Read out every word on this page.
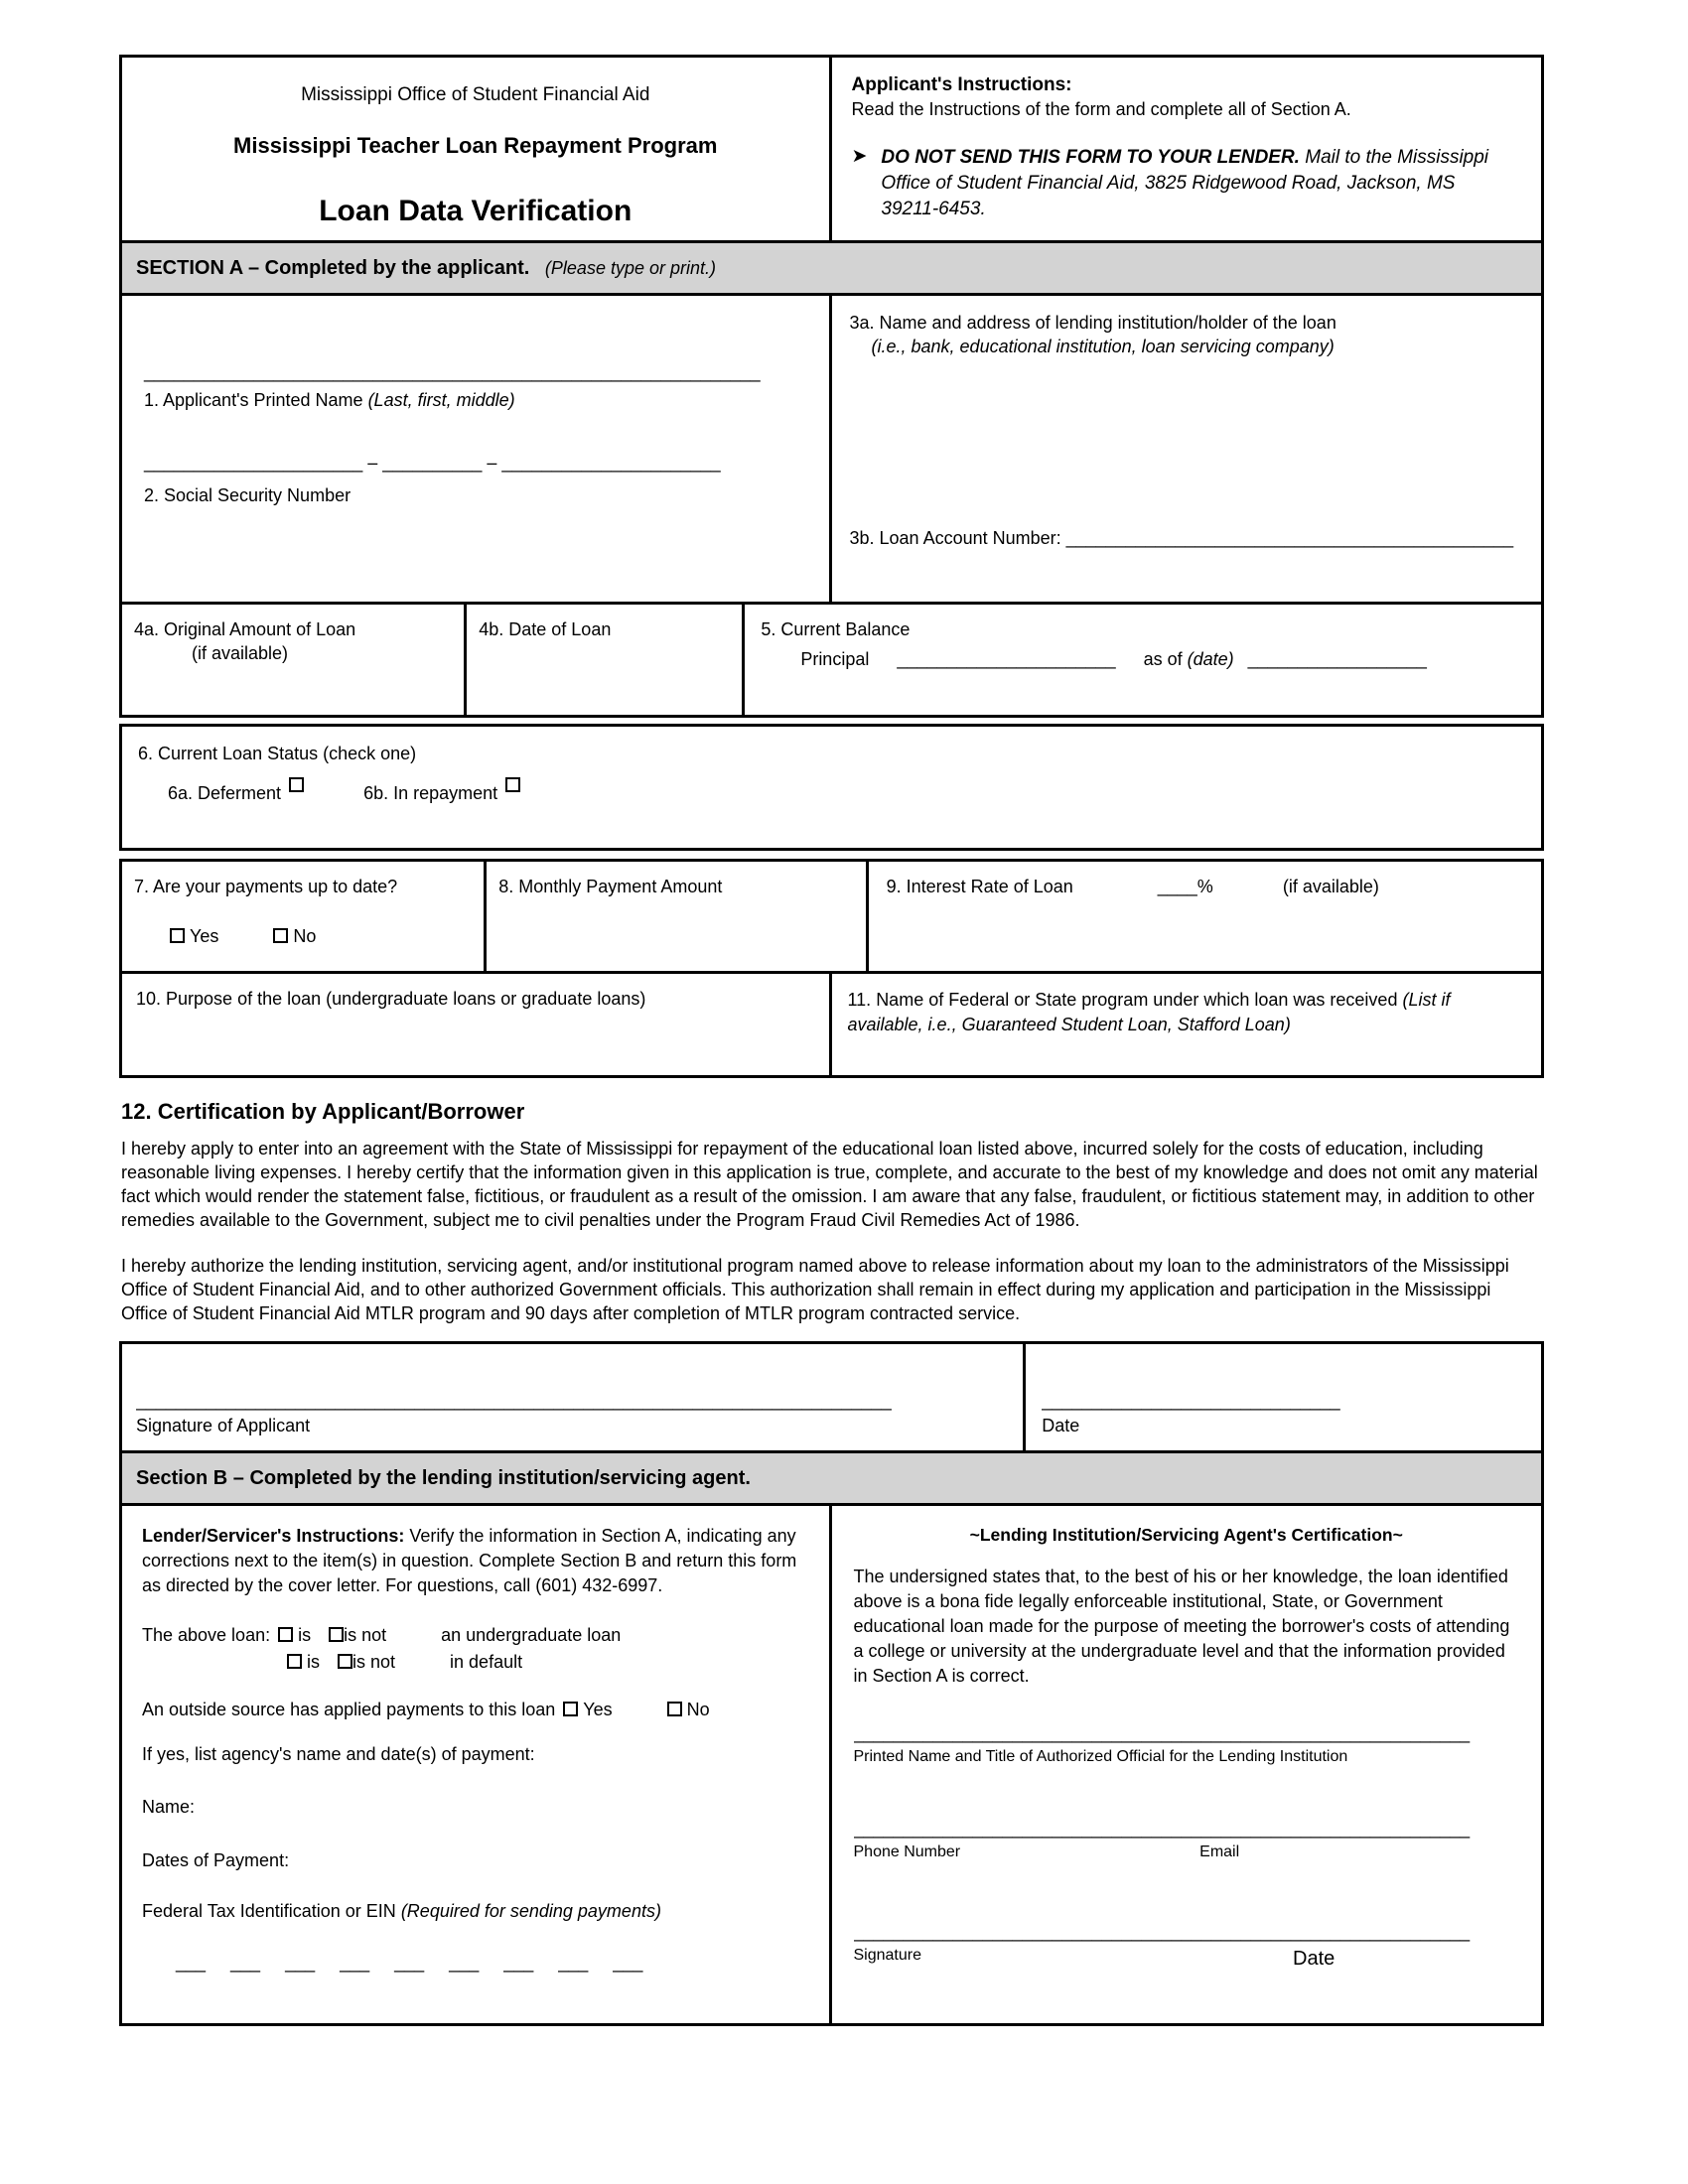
Mississippi Office of Student Financial Aid
Mississippi Teacher Loan Repayment Program
Loan Data Verification
Applicant's Instructions:
Read the Instructions of the form and complete all of Section A.
➤ DO NOT SEND THIS FORM TO YOUR LENDER. Mail to the Mississippi Office of Student Financial Aid, 3825 Ridgewood Road, Jackson, MS 39211-6453.
SECTION A – Completed by the applicant. (Please type or print.)
______________________________________________________________
1. Applicant's Printed Name (Last, first, middle)
______________________ – __________ – ______________________
2. Social Security Number
3a. Name and address of lending institution/holder of the loan
(i.e., bank, educational institution, loan servicing company)
3b. Loan Account Number: _____________________________________________
4a. Original Amount of Loan
(if available)
4b. Date of Loan	5. Current Balance
Principal ______________________ as of (date) __________________
6. Current Loan Status (check one)
6a. Deferment	6b. In repayment
7. Are your payments up to date?
Yes	No
8. Monthly Payment Amount	9. Interest Rate of Loan	____%	(if available)
10. Purpose of the loan (undergraduate loans or graduate loans)	11. Name of Federal or State program under which loan was received (List if available, i.e., Guaranteed Student Loan, Stafford Loan)
12. Certification by Applicant/Borrower

I hereby apply to enter into an agreement with the State of Mississippi for repayment of the educational loan listed above, incurred solely for the costs of education, including reasonable living expenses. I hereby certify that the information given in this application is true, complete, and accurate to the best of my knowledge and does not omit any material fact which would render the statement false, fictitious, or fraudulent as a result of the omission. I am aware that any false, fraudulent, or fictitious statement may, in addition to other remedies available to the Government, subject me to civil penalties under the Program Fraud Civil Remedies Act of 1986.

I hereby authorize the lending institution, servicing agent, and/or institutional program named above to release information about my loan to the administrators of the Mississippi Office of Student Financial Aid, and to other authorized Government officials. This authorization shall remain in effect during my application and participation in the Mississippi Office of Student Financial Aid MTLR program and 90 days after completion of MTLR program contracted service.

____________________________________________________________________________
Signature of Applicant
______________________________
Date
Section B – Completed by the lending institution/servicing agent.
Lender/Servicer's Instructions: Verify the information in Section A, indicating any corrections next to the item(s) in question. Complete Section B and return this form as directed by the cover letter. For questions, call (601) 432-6997.
The above loan: is is not	an undergraduate loan
is is not	in default
An outside source has applied payments to this loan Yes	No
If yes, list agency's name and date(s) of payment:
Name:
Dates of Payment:
Federal Tax Identification or EIN (Required for sending payments)
___     ___     ___     ___     ___     ___     ___     ___     ___
~Lending Institution/Servicing Agent's Certification~
The undersigned states that, to the best of his or her knowledge, the loan identified above is a bona fide legally enforceable institutional, State, or Government educational loan made for the purpose of meeting the borrower's costs of attending a college or university at the undergraduate level and that the information provided in Section A is correct.
______________________________________________________________
Printed Name and Title of Authorized Official for the Lending Institution
______________________________________________________________
Phone Number	Email
______________________________________________________________
Signature	Date
